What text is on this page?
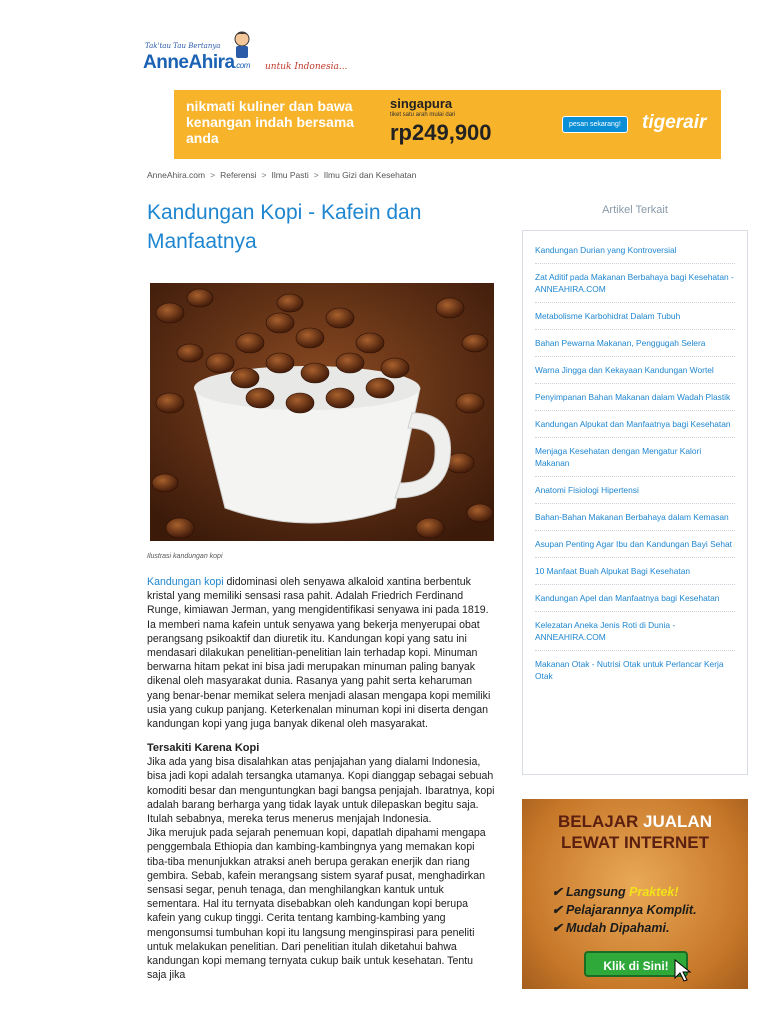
Tak'tau Tau Bertanya
AnneAhira.com untuk Indonesia...
nikmati kuliner dan bawa kenangan indah bersama anda
singapura
tiket satu arah mulai dari
rp249,900	pesan sekarang!	tigerair
AnneAhira.com > Referensi > Ilmu Pasti > Ilmu Gizi dan Kesehatan
Kandungan Kopi - Kafein dan Manfaatnya
Ilustrasi kandungan kopi

Kandungan kopi didominasi oleh senyawa alkaloid xantina berbentuk kristal yang memiliki sensasi rasa pahit. Adalah Friedrich Ferdinand Runge, kimiawan Jerman, yang mengidentifikasi senyawa ini pada 1819. Ia memberi nama kafein untuk senyawa yang bekerja menyerupai obat perangsang psikoaktif dan diuretik itu. Kandungan kopi yang satu ini mendasari dilakukan penelitian-penelitian lain terhadap kopi. Minuman berwarna hitam pekat ini bisa jadi merupakan minuman paling banyak dikenal oleh masyarakat dunia. Rasanya yang pahit serta keharuman yang benar-benar memikat selera menjadi alasan mengapa kopi memiliki usia yang cukup panjang. Keterkenalan minuman kopi ini diserta dengan kandungan kopi yang juga banyak dikenal oleh masyarakat.

Tersakiti Karena Kopi

Jika ada yang bisa disalahkan atas penjajahan yang dialami Indonesia, bisa jadi kopi adalah tersangka utamanya. Kopi dianggap sebagai sebuah komoditi besar dan menguntungkan bagi bangsa penjajah. Ibaratnya, kopi adalah barang berharga yang tidak layak untuk dilepaskan begitu saja. Itulah sebabnya, mereka terus menerus menjajah Indonesia.

Jika merujuk pada sejarah penemuan kopi, dapatlah dipahami mengapa penggembala Ethiopia dan kambing-kambingnya yang memakan kopi tiba-tiba menunjukkan atraksi aneh berupa gerakan enerjik dan riang gembira. Sebab, kafein merangsang sistem syaraf pusat, menghadirkan sensasi segar, penuh tenaga, dan menghilangkan kantuk untuk sementara. Hal itu ternyata disebabkan oleh kandungan kopi berupa kafein yang cukup tinggi. Cerita tentang kambing-kambing yang mengonsumsi tumbuhan kopi itu langsung menginspirasi para peneliti untuk melakukan penelitian. Dari penelitian itulah diketahui bahwa kandungan kopi memang ternyata cukup baik untuk kesehatan. Tentu saja jika

Artikel Terkait
Kandungan Durian yang Kontroversial
Zat Aditif pada Makanan Berbahaya bagi Kesehatan - ANNEAHIRA.COM
Metabolisme Karbohidrat Dalam Tubuh
Bahan Pewarna Makanan, Penggugah Selera
Warna Jingga dan Kekayaan Kandungan Wortel
Penyimpanan Bahan Makanan dalam Wadah Plastik
Kandungan Alpukat dan Manfaatnya bagi Kesehatan
Menjaga Kesehatan dengan Mengatur Kalori Makanan
Anatomi Fisiologi Hipertensi
Bahan-Bahan Makanan Berbahaya dalam Kemasan
Asupan Penting Agar Ibu dan Kandungan Bayi Sehat
10 Manfaat Buah Alpukat Bagi Kesehatan
Kandungan Apel dan Manfaatnya bagi Kesehatan
Kelezatan Aneka Jenis Roti di Dunia - ANNEAHIRA.COM
Makanan Otak - Nutrisi Otak untuk Perlancar Kerja Otak
BELAJAR JUALAN
LEWAT INTERNET
✔ Langsung Praktek!
✔ Pelajarannya Komplit.
✔ Mudah Dipahami.
Klik di Sini!
